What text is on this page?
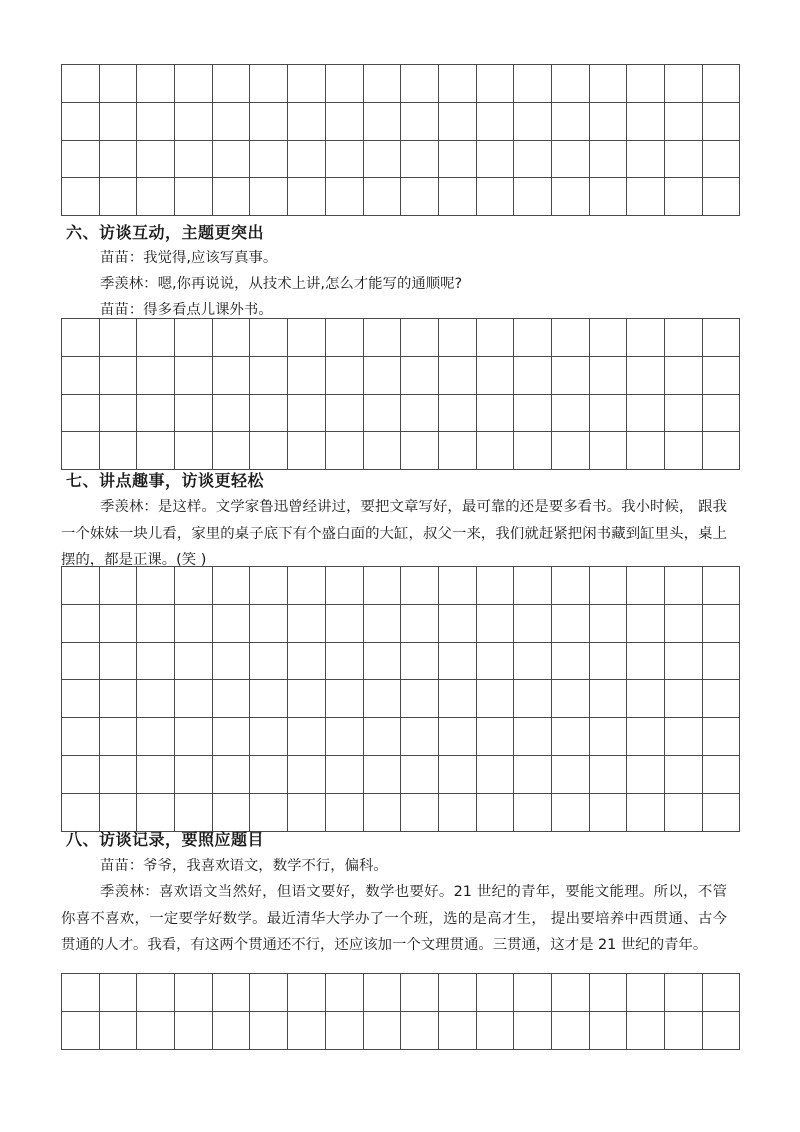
六、访谈互动，主题更突出

苗苗：我觉得,应该写真事。

季羡林：嗯,你再说说，从技术上讲,怎么才能写的通顺呢?

苗苗：得多看点儿课外书。

七、讲点趣事，访谈更轻松

季羡林：是这样。文学家鲁迅曾经讲过，要把文章写好，最可靠的还是要多看书。我小时候， 跟我一个妹妹一块儿看，家里的桌子底下有个盛白面的大缸，叔父一来，我们就赶紧把闲书藏到缸里头，桌上摆的，都是正课。(笑 )

八、访谈记录，要照应题目

苗苗：爷爷，我喜欢语文，数学不行，偏科。

季羡林：喜欢语文当然好，但语文要好，数学也要好。21 世纪的青年，要能文能理。所以，不管你喜不喜欢，一定要学好数学。最近清华大学办了一个班，选的是高才生， 提出要培养中西贯通、古今贯通的人才。我看，有这两个贯通还不行，还应该加一个文理贯通。三贯通，这才是 21 世纪的青年。
